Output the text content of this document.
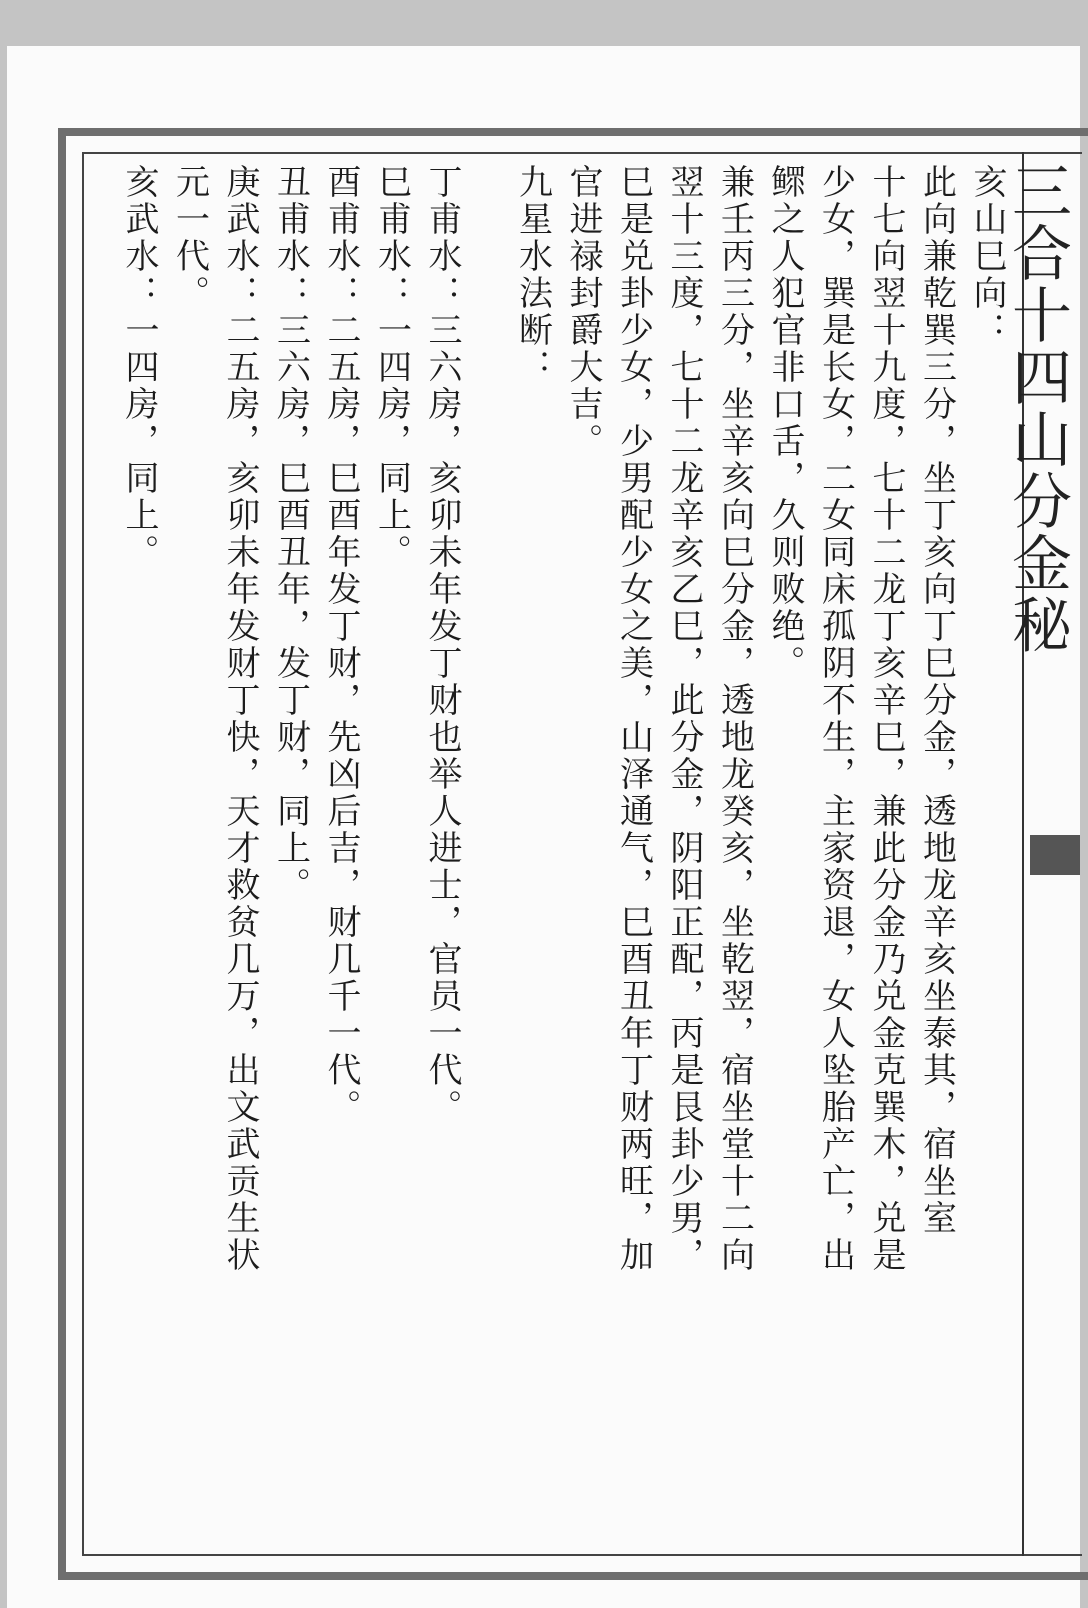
三合十四山分金秘

亥山巳向：

此向兼乾巽三分，坐丁亥向丁巳分金，透地龙辛亥坐泰其，宿坐室

十七向翌十九度，七十二龙丁亥辛巳，兼此分金乃兑金克巽木，兑是

少女，巽是长女，二女同床孤阴不生，主家资退，女人坠胎产亡，出

鳏之人犯官非口舌，久则败绝。

兼壬丙三分，坐辛亥向巳分金，透地龙癸亥，坐乾翌，宿坐堂十二向

翌十三度，七十二龙辛亥乙巳，此分金，阴阳正配，丙是艮卦少男，

巳是兑卦少女，少男配少女之美，山泽通气，巳酉丑年丁财两旺，加

官进禄封爵大吉。

九星水法断：

丁甫水：三六房，亥卯未年发丁财也举人进士，官员一代。

巳甫水：一四房，同上。

酉甫水：二五房，巳酉年发丁财，先凶后吉，财几千一代。

丑甫水：三六房，巳酉丑年，发丁财，同上。

庚武水：二五房，亥卯未年发财丁快，天才救贫几万，出文武贡生状

元一代。

亥武水：一四房，同上。
